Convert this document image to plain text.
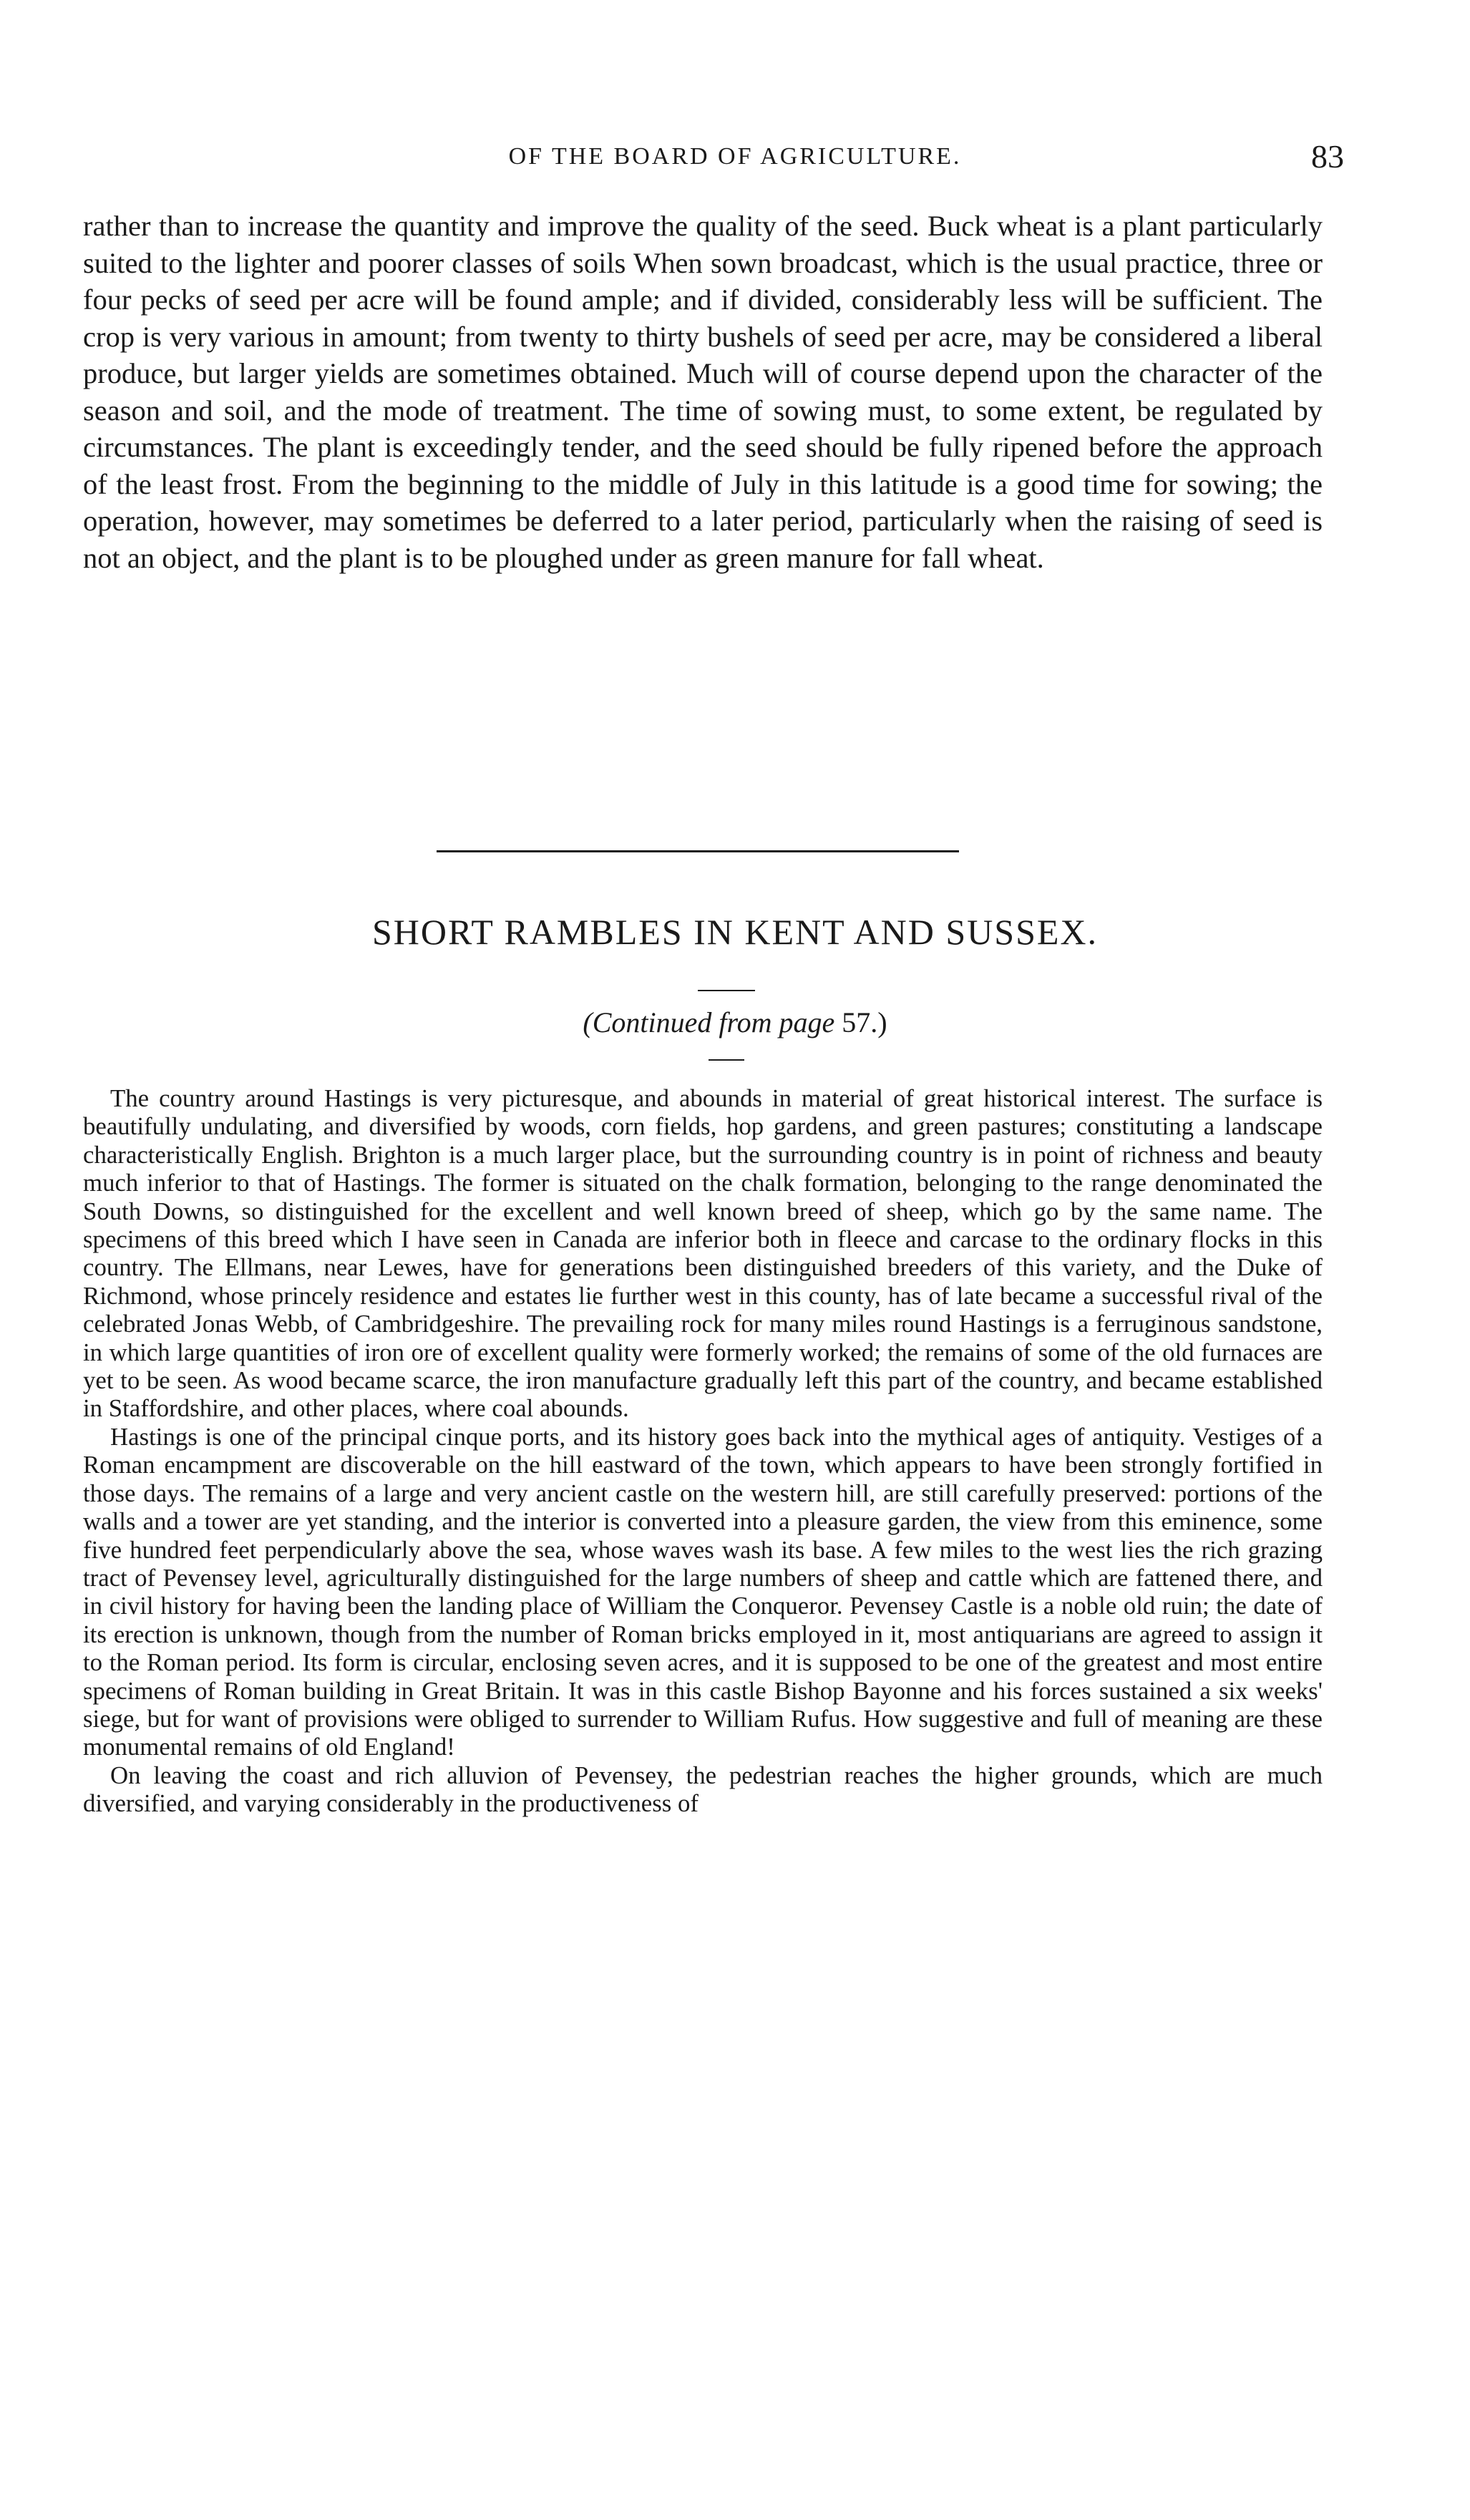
OF THE BOARD OF AGRICULTURE.	83

rather than to increase the quantity and improve the quality of the seed. Buck wheat is a plant particularly suited to the lighter and poorer classes of soils When sown broadcast, which is the usual practice, three or four pecks of seed per acre will be found ample; and if divided, considerably less will be sufficient. The crop is very various in amount; from twenty to thirty bushels of seed per acre, may be considered a liberal produce, but larger yields are sometimes obtained. Much will of course depend upon the character of the season and soil, and the mode of treatment. The time of sowing must, to some extent, be regulated by circumstances. The plant is exceedingly tender, and the seed should be fully ripened before the approach of the least frost. From the beginning to the middle of July in this latitude is a good time for sowing; the operation, however, may sometimes be deferred to a later period, particularly when the raising of seed is not an object, and the plant is to be ploughed under as green manure for fall wheat.

SHORT RAMBLES IN KENT AND SUSSEX.
(Continued from page 57.)

The country around Hastings is very picturesque, and abounds in material of great historical interest. The surface is beautifully undulating, and diversified by woods, corn fields, hop gardens, and green pastures; constituting a landscape characteristically English. Brighton is a much larger place, but the surrounding country is in point of richness and beauty much inferior to that of Hastings. The former is situated on the chalk formation, belonging to the range denominated the South Downs, so distinguished for the excellent and well known breed of sheep, which go by the same name. The specimens of this breed which I have seen in Canada are inferior both in fleece and carcase to the ordinary flocks in this country. The Ellmans, near Lewes, have for generations been distinguished breeders of this variety, and the Duke of Richmond, whose princely residence and estates lie further west in this county, has of late became a successful rival of the celebrated Jonas Webb, of Cambridgeshire. The prevailing rock for many miles round Hastings is a ferruginous sandstone, in which large quantities of iron ore of excellent quality were formerly worked; the remains of some of the old furnaces are yet to be seen. As wood became scarce, the iron manufacture gradually left this part of the country, and became established in Staffordshire, and other places, where coal abounds.

Hastings is one of the principal cinque ports, and its history goes back into the mythical ages of antiquity. Vestiges of a Roman encampment are discoverable on the hill eastward of the town, which appears to have been strongly fortified in those days. The remains of a large and very ancient castle on the western hill, are still carefully preserved: portions of the walls and a tower are yet standing, and the interior is converted into a pleasure garden, the view from this eminence, some five hundred feet perpendicularly above the sea, whose waves wash its base. A few miles to the west lies the rich grazing tract of Pevensey level, agriculturally distinguished for the large numbers of sheep and cattle which are fattened there, and in civil history for having been the landing place of William the Conqueror. Pevensey Castle is a noble old ruin; the date of its erection is unknown, though from the number of Roman bricks employed in it, most antiquarians are agreed to assign it to the Roman period. Its form is circular, enclosing seven acres, and it is supposed to be one of the greatest and most entire specimens of Roman building in Great Britain. It was in this castle Bishop Bayonne and his forces sustained a six weeks' siege, but for want of provisions were obliged to surrender to William Rufus. How suggestive and full of meaning are these monumental remains of old England!

On leaving the coast and rich alluvion of Pevensey, the pedestrian reaches the higher grounds, which are much diversified, and varying considerably in the productiveness of
